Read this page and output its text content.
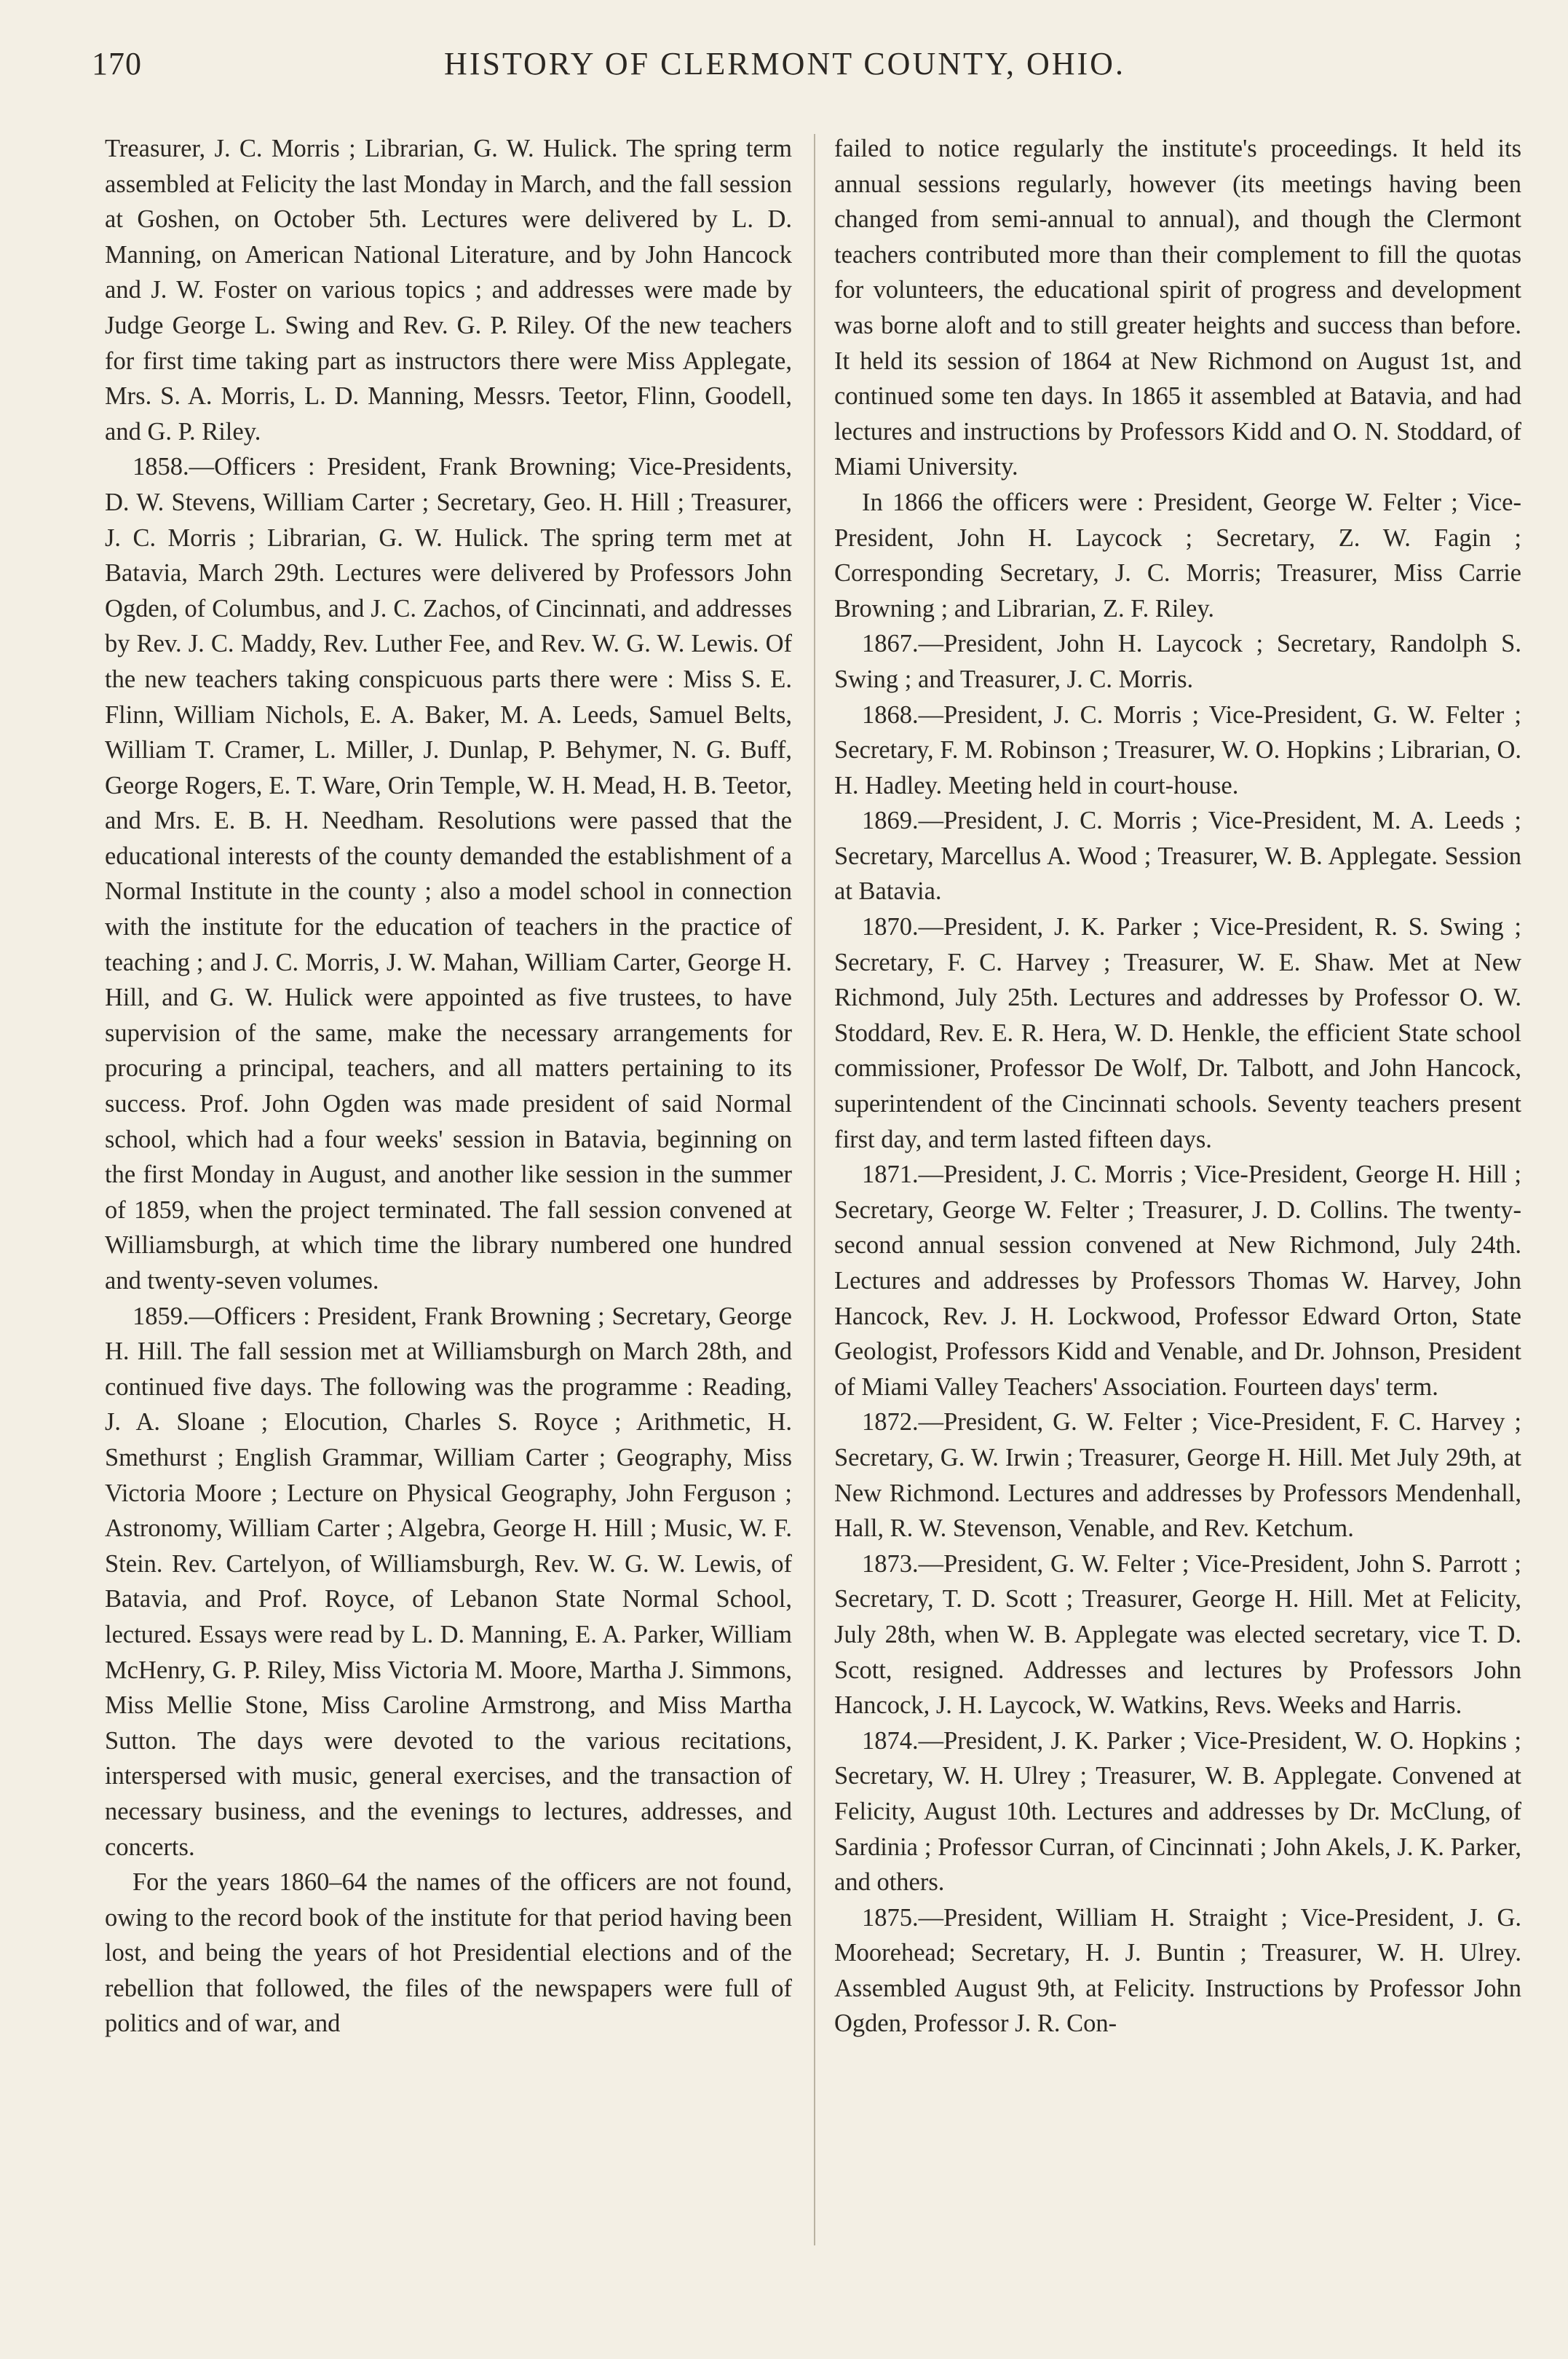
170	HISTORY OF CLERMONT COUNTY, OHIO.

Treasurer, J. C. Morris ; Librarian, G. W. Hulick. The spring term assembled at Felicity the last Monday in March, and the fall session at Goshen, on October 5th. Lectures were delivered by L. D. Manning, on American National Literature, and by John Hancock and J. W. Foster on various topics ; and addresses were made by Judge George L. Swing and Rev. G. P. Riley. Of the new teachers for first time taking part as instructors there were Miss Applegate, Mrs. S. A. Morris, L. D. Manning, Messrs. Teetor, Flinn, Goodell, and G. P. Riley.

1858.—Officers : President, Frank Browning; Vice-Presidents, D. W. Stevens, William Carter ; Secretary, Geo. H. Hill ; Treasurer, J. C. Morris ; Librarian, G. W. Hulick. The spring term met at Batavia, March 29th. Lectures were delivered by Professors John Ogden, of Columbus, and J. C. Zachos, of Cincinnati, and addresses by Rev. J. C. Maddy, Rev. Luther Fee, and Rev. W. G. W. Lewis. Of the new teachers taking conspicuous parts there were : Miss S. E. Flinn, William Nichols, E. A. Baker, M. A. Leeds, Samuel Belts, William T. Cramer, L. Miller, J. Dunlap, P. Behymer, N. G. Buff, George Rogers, E. T. Ware, Orin Temple, W. H. Mead, H. B. Teetor, and Mrs. E. B. H. Needham. Resolutions were passed that the educational interests of the county demanded the establishment of a Normal Institute in the county ; also a model school in connection with the institute for the education of teachers in the practice of teaching ; and J. C. Morris, J. W. Mahan, William Carter, George H. Hill, and G. W. Hulick were appointed as five trustees, to have supervision of the same, make the necessary arrangements for procuring a principal, teachers, and all matters pertaining to its success. Prof. John Ogden was made president of said Normal school, which had a four weeks' session in Batavia, beginning on the first Monday in August, and another like session in the summer of 1859, when the project terminated. The fall session convened at Williamsburgh, at which time the library numbered one hundred and twenty-seven volumes.

1859.—Officers : President, Frank Browning ; Secretary, George H. Hill. The fall session met at Williamsburgh on March 28th, and continued five days. The following was the programme : Reading, J. A. Sloane ; Elocution, Charles S. Royce ; Arithmetic, H. Smethurst ; English Grammar, William Carter ; Geography, Miss Victoria Moore ; Lecture on Physical Geography, John Ferguson ; Astronomy, William Carter ; Algebra, George H. Hill ; Music, W. F. Stein. Rev. Cartelyon, of Williamsburgh, Rev. W. G. W. Lewis, of Batavia, and Prof. Royce, of Lebanon State Normal School, lectured. Essays were read by L. D. Manning, E. A. Parker, William McHenry, G. P. Riley, Miss Victoria M. Moore, Martha J. Simmons, Miss Mellie Stone, Miss Caroline Armstrong, and Miss Martha Sutton. The days were devoted to the various recitations, interspersed with music, general exercises, and the transaction of necessary business, and the evenings to lectures, addresses, and concerts.

For the years 1860–64 the names of the officers are not found, owing to the record book of the institute for that period having been lost, and being the years of hot Presidential elections and of the rebellion that followed, the files of the newspapers were full of politics and of war, and

failed to notice regularly the institute's proceedings. It held its annual sessions regularly, however (its meetings having been changed from semi-annual to annual), and though the Clermont teachers contributed more than their complement to fill the quotas for volunteers, the educational spirit of progress and development was borne aloft and to still greater heights and success than before. It held its session of 1864 at New Richmond on August 1st, and continued some ten days. In 1865 it assembled at Batavia, and had lectures and instructions by Professors Kidd and O. N. Stoddard, of Miami University.

In 1866 the officers were : President, George W. Felter ; Vice-President, John H. Laycock ; Secretary, Z. W. Fagin ; Corresponding Secretary, J. C. Morris; Treasurer, Miss Carrie Browning ; and Librarian, Z. F. Riley.

1867.—President, John H. Laycock ; Secretary, Randolph S. Swing ; and Treasurer, J. C. Morris.

1868.—President, J. C. Morris ; Vice-President, G. W. Felter ; Secretary, F. M. Robinson ; Treasurer, W. O. Hopkins ; Librarian, O. H. Hadley. Meeting held in court-house.

1869.—President, J. C. Morris ; Vice-President, M. A. Leeds ; Secretary, Marcellus A. Wood ; Treasurer, W. B. Applegate. Session at Batavia.

1870.—President, J. K. Parker ; Vice-President, R. S. Swing ; Secretary, F. C. Harvey ; Treasurer, W. E. Shaw. Met at New Richmond, July 25th. Lectures and addresses by Professor O. W. Stoddard, Rev. E. R. Hera, W. D. Henkle, the efficient State school commissioner, Professor De Wolf, Dr. Talbott, and John Hancock, superintendent of the Cincinnati schools. Seventy teachers present first day, and term lasted fifteen days.

1871.—President, J. C. Morris ; Vice-President, George H. Hill ; Secretary, George W. Felter ; Treasurer, J. D. Collins. The twenty-second annual session convened at New Richmond, July 24th. Lectures and addresses by Professors Thomas W. Harvey, John Hancock, Rev. J. H. Lockwood, Professor Edward Orton, State Geologist, Professors Kidd and Venable, and Dr. Johnson, President of Miami Valley Teachers' Association. Fourteen days' term.

1872.—President, G. W. Felter ; Vice-President, F. C. Harvey ; Secretary, G. W. Irwin ; Treasurer, George H. Hill. Met July 29th, at New Richmond. Lectures and addresses by Professors Mendenhall, Hall, R. W. Stevenson, Venable, and Rev. Ketchum.

1873.—President, G. W. Felter ; Vice-President, John S. Parrott ; Secretary, T. D. Scott ; Treasurer, George H. Hill. Met at Felicity, July 28th, when W. B. Applegate was elected secretary, vice T. D. Scott, resigned. Addresses and lectures by Professors John Hancock, J. H. Laycock, W. Watkins, Revs. Weeks and Harris.

1874.—President, J. K. Parker ; Vice-President, W. O. Hopkins ; Secretary, W. H. Ulrey ; Treasurer, W. B. Applegate. Convened at Felicity, August 10th. Lectures and addresses by Dr. McClung, of Sardinia ; Professor Curran, of Cincinnati ; John Akels, J. K. Parker, and others.

1875.—President, William H. Straight ; Vice-President, J. G. Moorehead; Secretary, H. J. Buntin ; Treasurer, W. H. Ulrey. Assembled August 9th, at Felicity. Instructions by Professor John Ogden, Professor J. R. Con-
